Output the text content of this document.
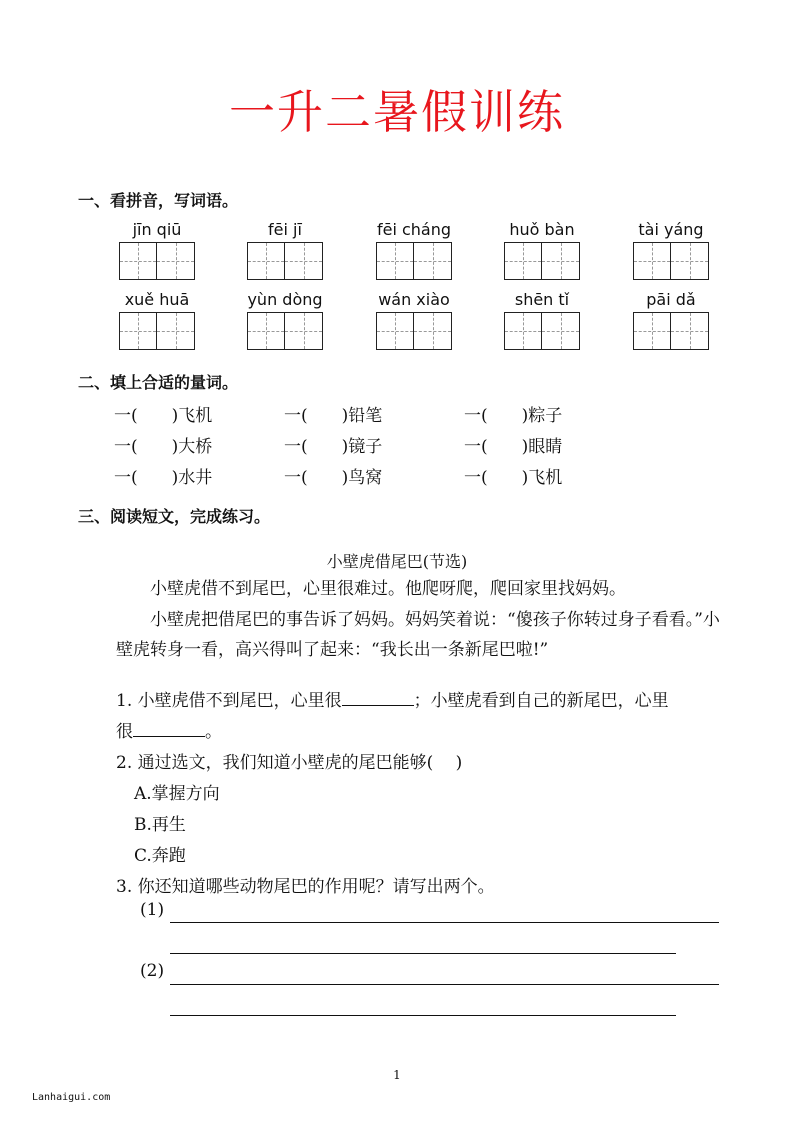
一升二暑假训练
一、看拼音，写词语。
jīn qiū	fēi jī	fēi cháng	huǒ bàn	tài yáng
xuě huā	yùn dòng	wán xiào	shēn tǐ	pāi dǎ
二、填上合适的量词。
一(　　)飞机	一(　　)铅笔	一(　　)粽子
一(　　)大桥	一(　　)镜子	一(　　)眼睛
一(　　)水井	一(　　)鸟窝	一(　　)飞机
三、阅读短文，完成练习。
小壁虎借尾巴(节选)

小壁虎借不到尾巴，心里很难过。他爬呀爬，爬回家里找妈妈。

小壁虎把借尾巴的事告诉了妈妈。妈妈笑着说：“傻孩子你转过身子看看。”小壁虎转身一看，高兴得叫了起来：“我长出一条新尾巴啦!”

1. 小壁虎借不到尾巴，心里很	；小壁虎看到自己的新尾巴，心里
很	。
2. 通过选文，我们知道小壁虎的尾巴能够(　 )
A.掌握方向
B.再生
C.奔跑
3. 你还知道哪些动物尾巴的作用呢？请写出两个。
(1)
(2)
1
Lanhaigui.com
